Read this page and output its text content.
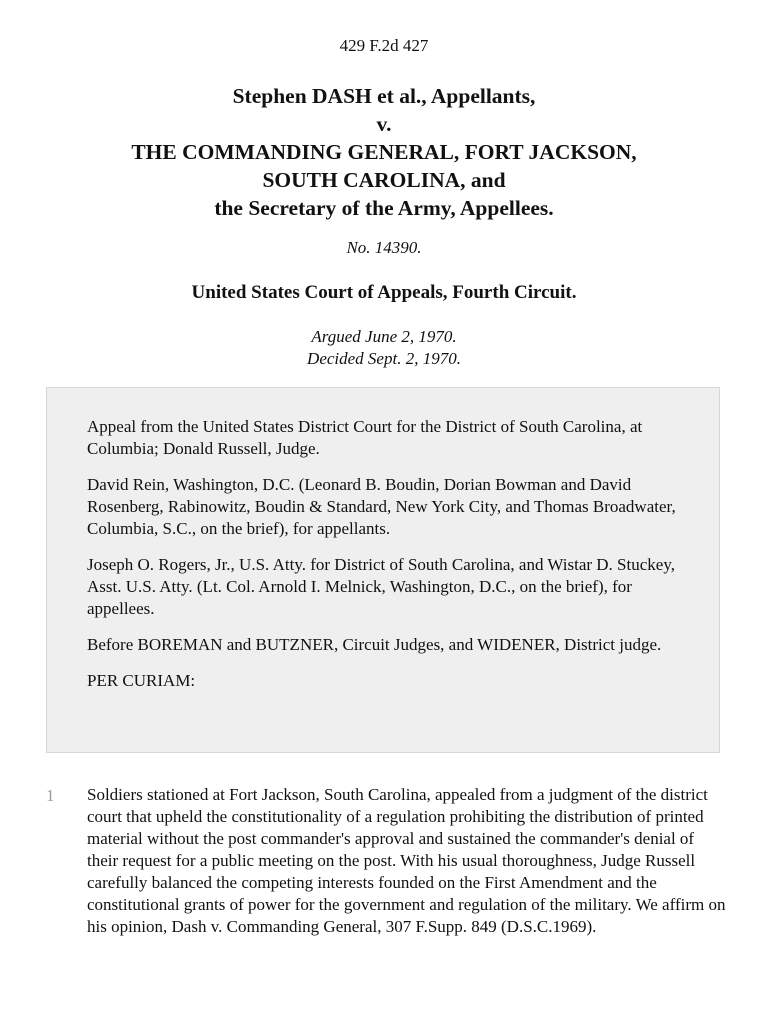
429 F.2d 427
Stephen DASH et al., Appellants,
v.
THE COMMANDING GENERAL, FORT JACKSON,
SOUTH CAROLINA, and
the Secretary of the Army, Appellees.
No. 14390.
United States Court of Appeals, Fourth Circuit.
Argued June 2, 1970.
Decided Sept. 2, 1970.

Appeal from the United States District Court for the District of South Carolina, at Columbia; Donald Russell, Judge.

David Rein, Washington, D.C. (Leonard B. Boudin, Dorian Bowman and David Rosenberg, Rabinowitz, Boudin & Standard, New York City, and Thomas Broadwater, Columbia, S.C., on the brief), for appellants.

Joseph O. Rogers, Jr., U.S. Atty. for District of South Carolina, and Wistar D. Stuckey, Asst. U.S. Atty. (Lt. Col. Arnold I. Melnick, Washington, D.C., on the brief), for appellees.

Before BOREMAN and BUTZNER, Circuit Judges, and WIDENER, District judge.

PER CURIAM:

1 Soldiers stationed at Fort Jackson, South Carolina, appealed from a judgment of the district court that upheld the constitutionality of a regulation prohibiting the distribution of printed material without the post commander's approval and sustained the commander's denial of their request for a public meeting on the post. With his usual thoroughness, Judge Russell carefully balanced the competing interests founded on the First Amendment and the constitutional grants of power for the government and regulation of the military. We affirm on his opinion, Dash v. Commanding General, 307 F.Supp. 849 (D.S.C.1969).
